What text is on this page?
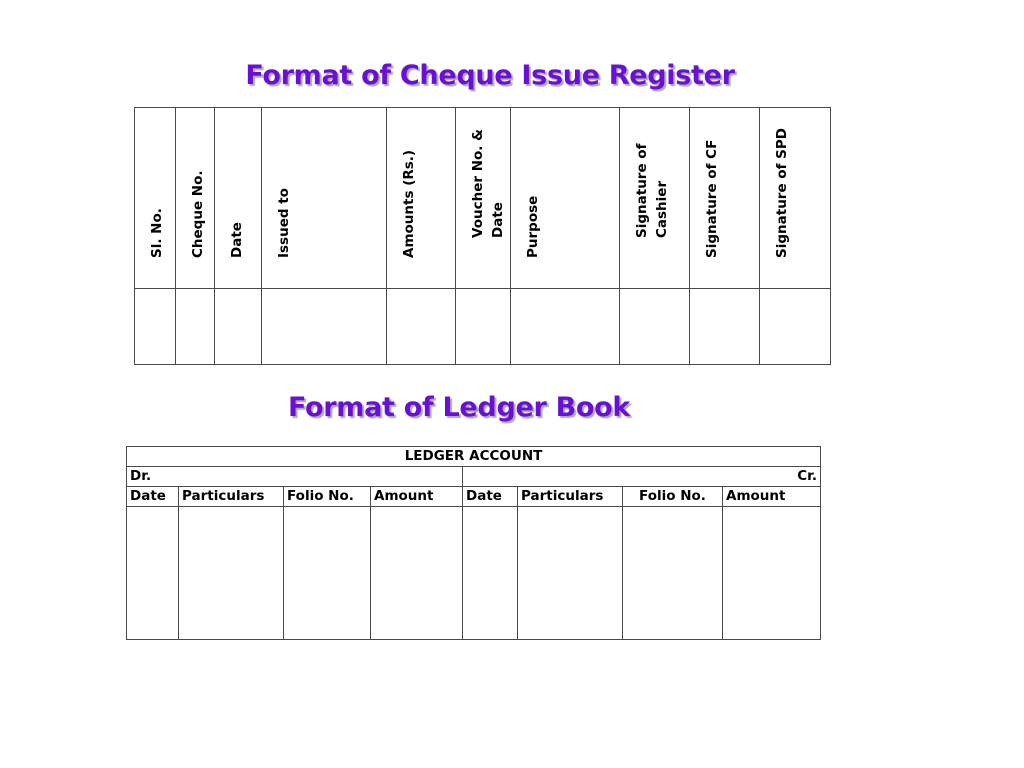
Format of Cheque Issue Register
Sl. No.	Cheque No.	Date	Issued to	Amounts (Rs.)	Voucher No. & Date	Purpose	Signature of Cashier	Signature of CF	Signature of SPD

Format of Ledger Book
LEDGER ACCOUNT							
Dr.				Cr.			
Date	Particulars	Folio No.	Amount	Date	Particulars	Folio No.	Amount
